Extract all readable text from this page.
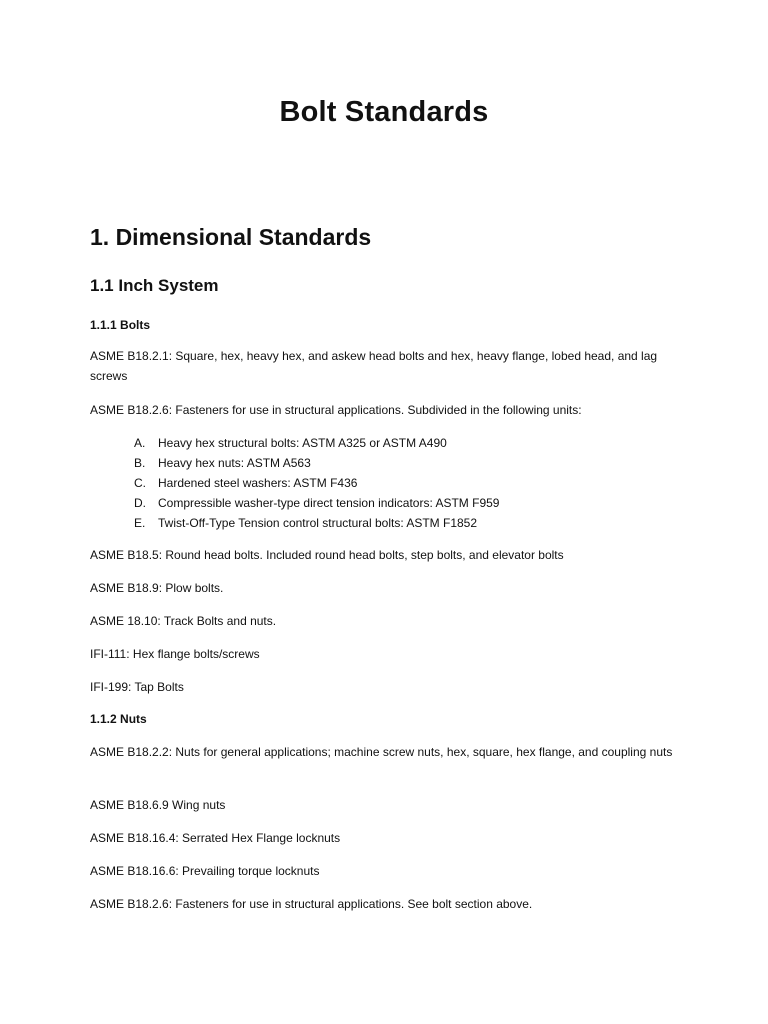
Bolt Standards
1. Dimensional Standards
1.1 Inch System
1.1.1 Bolts
ASME B18.2.1: Square, hex, heavy hex, and askew head bolts and hex, heavy flange, lobed head, and lag screws
ASME B18.2.6: Fasteners for use in structural applications. Subdivided in the following units:
A. Heavy hex structural bolts: ASTM A325 or ASTM A490
B. Heavy hex nuts: ASTM A563
C. Hardened steel washers: ASTM F436
D. Compressible washer-type direct tension indicators: ASTM F959
E. Twist-Off-Type Tension control structural bolts: ASTM F1852
ASME B18.5: Round head bolts. Included round head bolts, step bolts, and elevator bolts
ASME B18.9: Plow bolts.
ASME 18.10: Track Bolts and nuts.
IFI-111: Hex flange bolts/screws
IFI-199: Tap Bolts
1.1.2 Nuts
ASME B18.2.2: Nuts for general applications; machine screw nuts, hex, square, hex flange, and coupling nuts
ASME B18.6.9 Wing nuts
ASME B18.16.4: Serrated Hex Flange locknuts
ASME B18.16.6: Prevailing torque locknuts
ASME B18.2.6: Fasteners for use in structural applications. See bolt section above.
